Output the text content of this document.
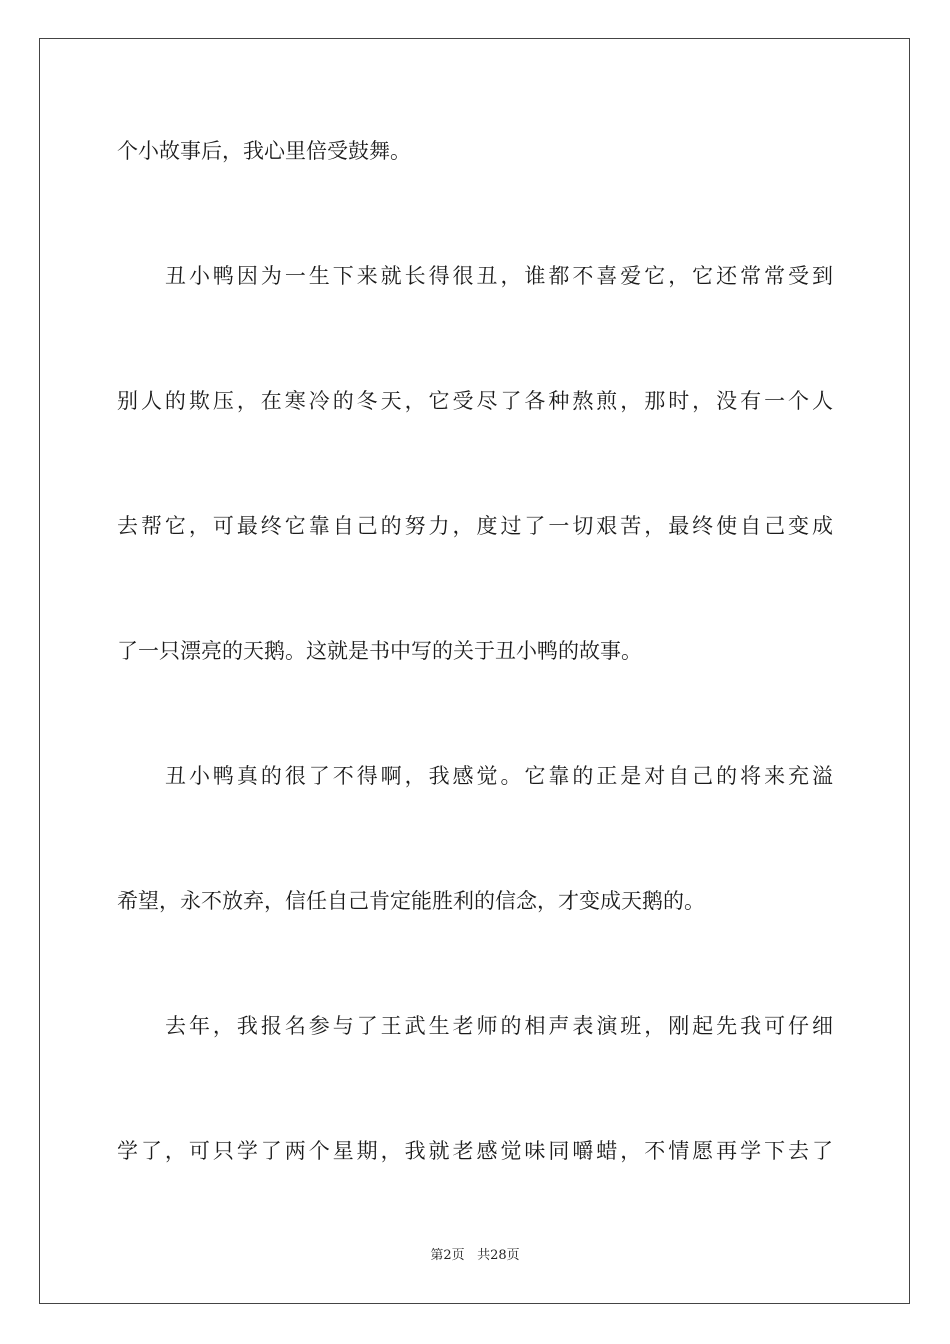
个小故事后，我心里倍受鼓舞。

丑小鸭因为一生下来就长得很丑，谁都不喜爱它，它还常常受到

别人的欺压，在寒冷的冬天，它受尽了各种熬煎，那时，没有一个人

去帮它，可最终它靠自己的努力，度过了一切艰苦，最终使自己变成

了一只漂亮的天鹅。这就是书中写的关于丑小鸭的故事。

丑小鸭真的很了不得啊，我感觉。它靠的正是对自己的将来充溢

希望，永不放弃，信任自己肯定能胜利的信念，才变成天鹅的。

去年，我报名参与了王武生老师的相声表演班，刚起先我可仔细

学了，可只学了两个星期，我就老感觉味同嚼蜡，不情愿再学下去了

第2页 共28页
